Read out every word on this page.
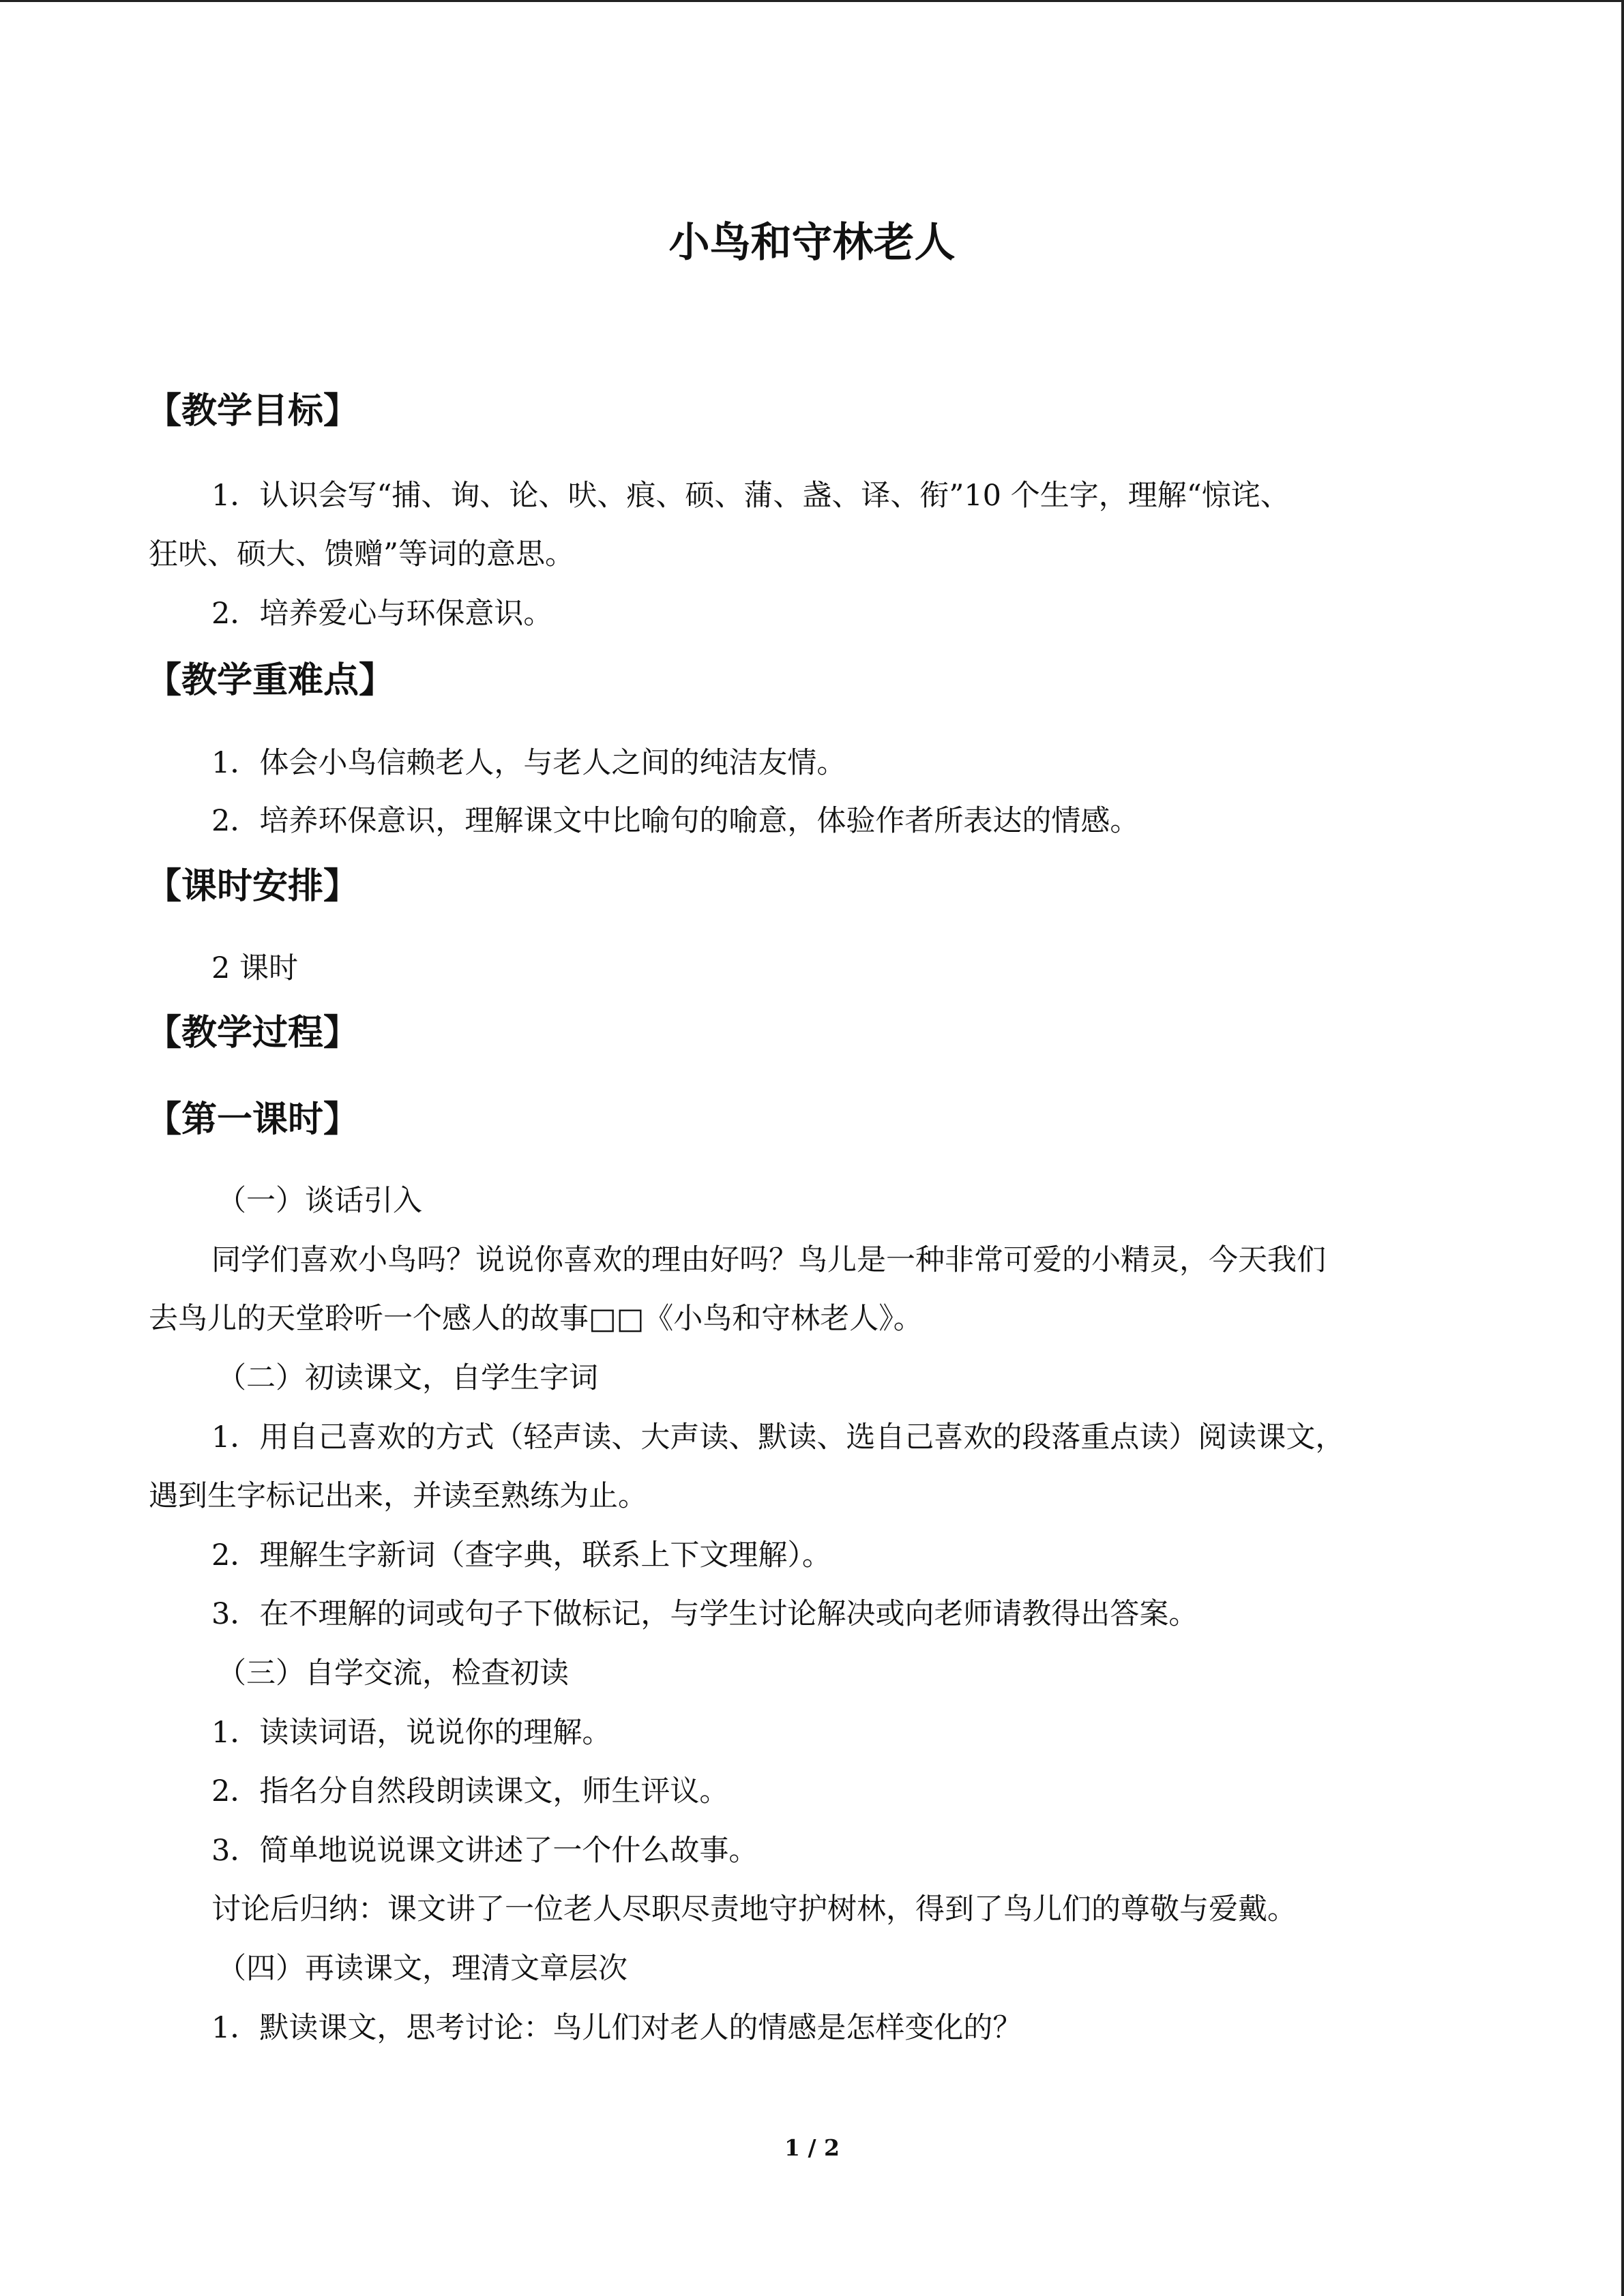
小鸟和守林老人
【教学目标】
1．认识会写“捕、询、论、吠、痕、硕、蒲、盏、译、衔”10 个生字，理解“惊诧、
狂吠、硕大、馈赠”等词的意思。
2．培养爱心与环保意识。
【教学重难点】
1．体会小鸟信赖老人，与老人之间的纯洁友情。
2．培养环保意识，理解课文中比喻句的喻意，体验作者所表达的情感。
【课时安排】
2 课时
【教学过程】
【第一课时】
（一）谈话引入
同学们喜欢小鸟吗？说说你喜欢的理由好吗？鸟儿是一种非常可爱的小精灵，今天我们
去鸟儿的天堂聆听一个感人的故事□□《小鸟和守林老人》。
（二）初读课文，自学生字词
1．用自己喜欢的方式（轻声读、大声读、默读、选自己喜欢的段落重点读）阅读课文，
遇到生字标记出来，并读至熟练为止。
2．理解生字新词（查字典，联系上下文理解）。
3．在不理解的词或句子下做标记，与学生讨论解决或向老师请教得出答案。
（三）自学交流，检查初读
1．读读词语，说说你的理解。
2．指名分自然段朗读课文，师生评议。
3．简单地说说课文讲述了一个什么故事。
讨论后归纳：课文讲了一位老人尽职尽责地守护树林，得到了鸟儿们的尊敬与爱戴。
（四）再读课文，理清文章层次
1．默读课文，思考讨论：鸟儿们对老人的情感是怎样变化的？
1 / 2
